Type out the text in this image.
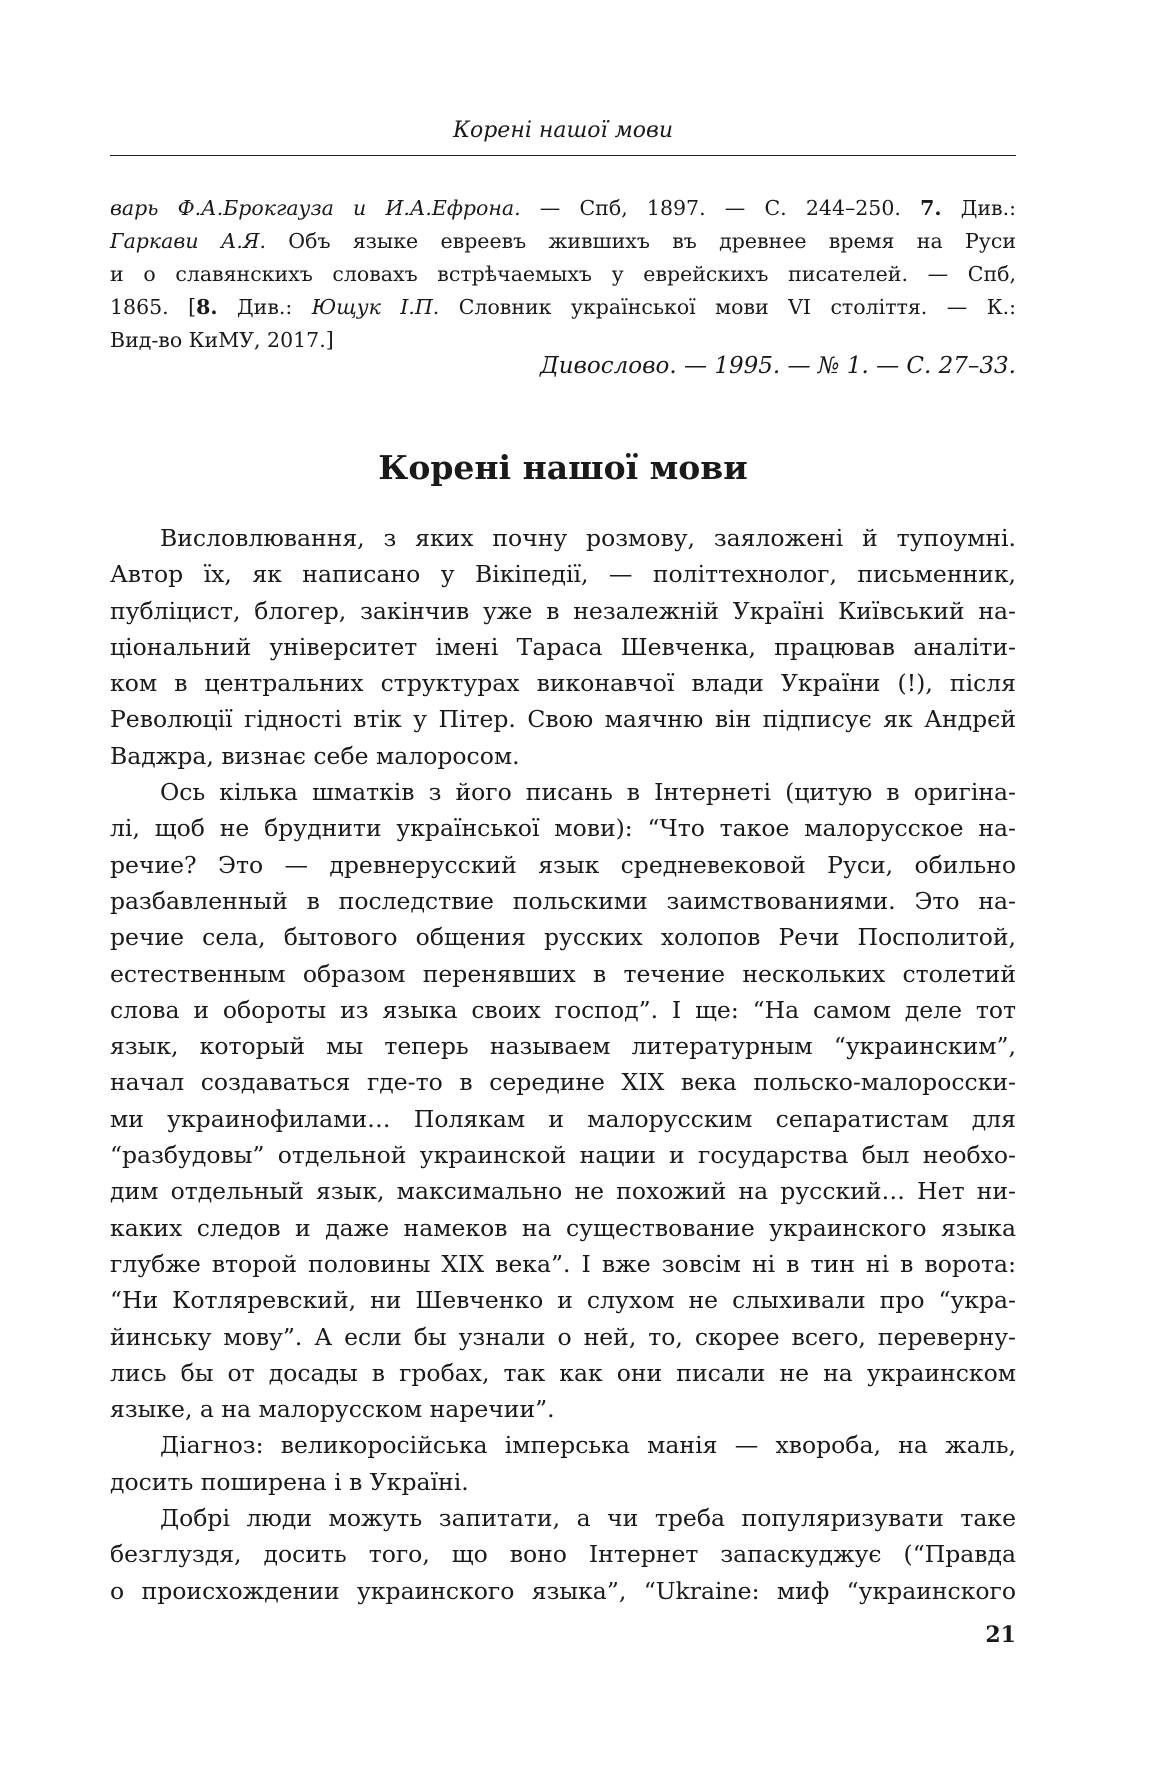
Корені нашої мови
варь Ф.А.Брокгауза и И.А.Ефрона. — Спб, 1897. — С. 244–250. 7. Див.:
Гаркави А.Я. Объ языке евреевъ жившихъ въ древнее время на Руси
и о славянскихъ словахъ встрѣчаемыхъ у еврейскихъ писателей. — Спб,
1865. [8. Див.: Ющук І.П. Словник української мови VI століття. — К.:
Вид-во КиМУ, 2017.]
Дивослово. — 1995. — № 1. — С. 27–33.
Корені нашої мови
Висловлювання, з яких почну розмову, заяложені й тупоумні.
Автор їх, як написано у Вікіпедії, — політтехнолог, письменник,
публіцист, блогер, закінчив уже в незалежній Україні Київський на-
ціональний університет імені Тараса Шевченка, працював аналіти-
ком в центральних структурах виконавчої влади України (!), після
Революції гідності втік у Пітер. Свою маячню він підписує як Андрєй
Ваджра, визнає себе малоросом.
Ось кілька шматків з його писань в Інтернеті (цитую в оригіна-
лі, щоб не бруднити української мови): “Что такое малорусское на-
речие? Это — древнерусский язык средневековой Руси, обильно
разбавленный в последствие польскими заимствованиями. Это на-
речие села, бытового общения русских холопов Речи Посполитой,
естественным образом перенявших в течение нескольких столетий
слова и обороты из языка своих господ”. І ще: “На самом деле тот
язык, который мы теперь называем литературным “украинским”,
начал создаваться где-то в середине XIX века польско-малоросски-
ми украинофилами… Полякам и малорусским сепаратистам для
“разбудовы” отдельной украинской нации и государства был необхо-
дим отдельный язык, максимально не похожий на русский… Нет ни-
каких следов и даже намеков на существование украинского языка
глубже второй половины XIX века”. І вже зовсім ні в тин ні в ворота:
“Ни Котляревский, ни Шевченко и слухом не слыхивали про “укра-
йинську мову”. А если бы узнали о ней, то, скорее всего, переверну-
лись бы от досады в гробах, так как они писали не на украинском
языке, а на малорусском наречии”.
Діагноз: великоросійська імперська манія — хвороба, на жаль,
досить поширена і в Україні.
Добрі люди можуть запитати, а чи треба популяризувати таке
безглуздя, досить того, що воно Інтернет запаскуджує (“Правда
о происхождении украинского языка”, “Ukraine: миф “украинского
21
